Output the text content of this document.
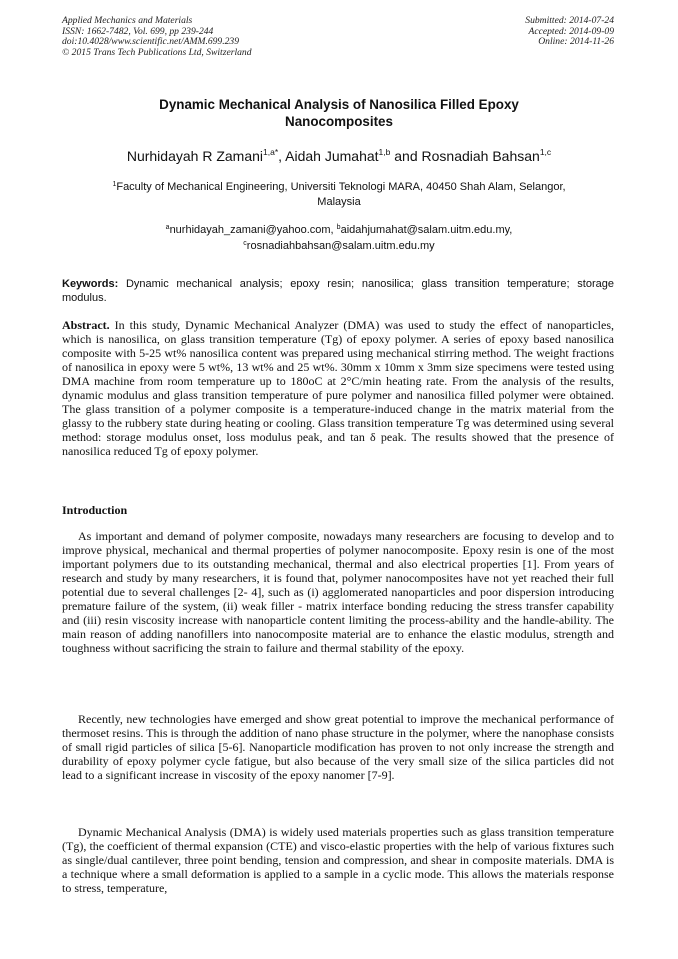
Applied Mechanics and Materials
ISSN: 1662-7482, Vol. 699, pp 239-244
doi:10.4028/www.scientific.net/AMM.699.239
© 2015 Trans Tech Publications Ltd, Switzerland
Submitted: 2014-07-24
Accepted: 2014-09-09
Online: 2014-11-26
Dynamic Mechanical Analysis of Nanosilica Filled Epoxy
Nanocomposites
Nurhidayah R Zamani$^{1,a*}$, Aidah Jumahat$^{1,b}$ and Rosnadiah Bahsan$^{1,c}$
$^1$Faculty of Mechanical Engineering, Universiti Teknologi MARA, 40450 Shah Alam, Selangor,
Malaysia
$^a$nurhidayah_zamani@yahoo.com, $^b$aidahjumahat@salam.uitm.edu.my,
$^c$rosnadiahbahsan@salam.uitm.edu.my
Keywords: Dynamic mechanical analysis; epoxy resin; nanosilica; glass transition temperature; storage modulus.
Abstract. In this study, Dynamic Mechanical Analyzer (DMA) was used to study the effect of nanoparticles, which is nanosilica, on glass transition temperature (Tg) of epoxy polymer. A series of epoxy based nanosilica composite with 5-25 wt% nanosilica content was prepared using mechanical stirring method. The weight fractions of nanosilica in epoxy were 5 wt%, 13 wt% and 25 wt%. 30mm x 10mm x 3mm size specimens were tested using DMA machine from room temperature up to 180oC at 2°C/min heating rate. From the analysis of the results, dynamic modulus and glass transition temperature of pure polymer and nanosilica filled polymer were obtained. The glass transition of a polymer composite is a temperature-induced change in the matrix material from the glassy to the rubbery state during heating or cooling. Glass transition temperature Tg was determined using several method: storage modulus onset, loss modulus peak, and tan δ peak. The results showed that the presence of nanosilica reduced Tg of epoxy polymer.
Introduction
As important and demand of polymer composite, nowadays many researchers are focusing to develop and to improve physical, mechanical and thermal properties of polymer nanocomposite. Epoxy resin is one of the most important polymers due to its outstanding mechanical, thermal and also electrical properties [1]. From years of research and study by many researchers, it is found that, polymer nanocomposites have not yet reached their full potential due to several challenges [2- 4], such as (i) agglomerated nanoparticles and poor dispersion introducing premature failure of the system, (ii) weak filler - matrix interface bonding reducing the stress transfer capability and (iii) resin viscosity increase with nanoparticle content limiting the process-ability and the handle-ability. The main reason of adding nanofillers into nanocomposite material are to enhance the elastic modulus, strength and toughness without sacrificing the strain to failure and thermal stability of the epoxy.
Recently, new technologies have emerged and show great potential to improve the mechanical performance of thermoset resins. This is through the addition of nano phase structure in the polymer, where the nanophase consists of small rigid particles of silica [5-6]. Nanoparticle modification has proven to not only increase the strength and durability of epoxy polymer cycle fatigue, but also because of the very small size of the silica particles did not lead to a significant increase in viscosity of the epoxy nanomer [7-9].
Dynamic Mechanical Analysis (DMA) is widely used materials properties such as glass transition temperature (Tg), the coefficient of thermal expansion (CTE) and visco-elastic properties with the help of various fixtures such as single/dual cantilever, three point bending, tension and compression, and shear in composite materials. DMA is a technique where a small deformation is applied to a sample in a cyclic mode. This allows the materials response to stress, temperature,
